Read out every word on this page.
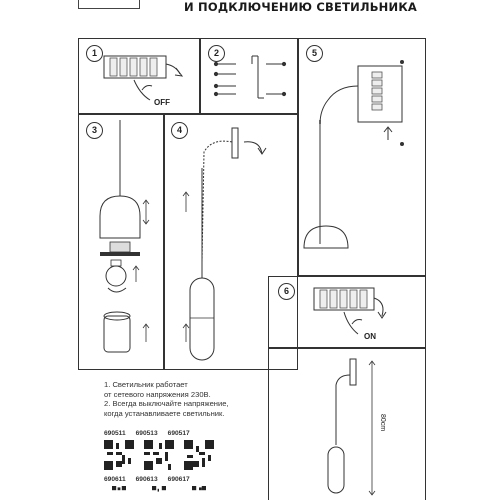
И ПОДКЛЮЧЕНИЮ СВЕТИЛЬНИКА
1	2	5
3	4
6
OFF
ON
80cm
1. Светильник работает
от сетевого напряжения 230В.
2. Всегда выключайте напряжение,
когда устанавливаете светильник.
690511 690513 690517
690611 690613 690617
